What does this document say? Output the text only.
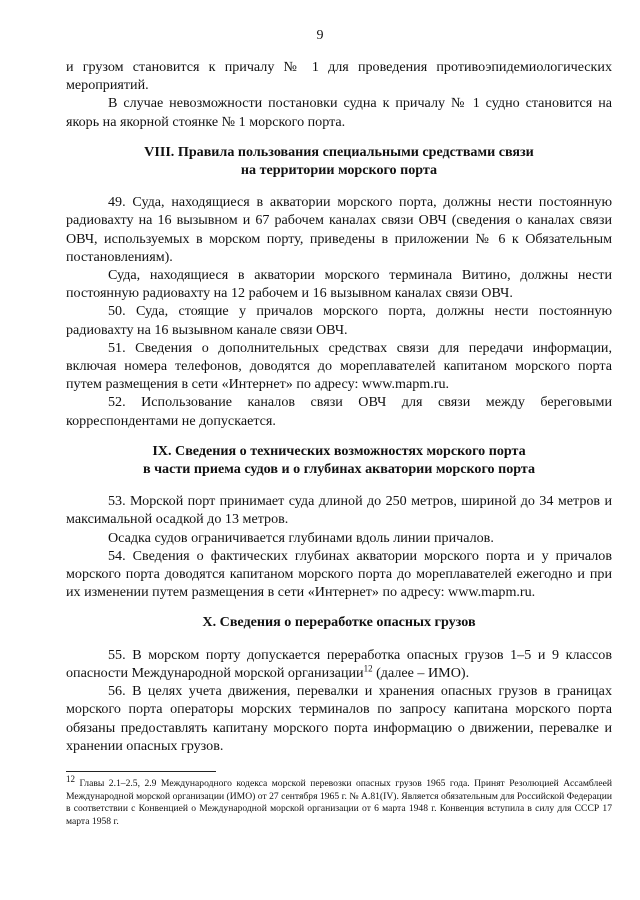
9

и грузом становится к причалу № 1 для проведения противоэпидемиологических мероприятий.

В случае невозможности постановки судна к причалу № 1 судно становится на якорь на якорной стоянке № 1 морского порта.

VIII. Правила пользования специальными средствами связи
на территории морского порта

49. Суда, находящиеся в акватории морского порта, должны нести постоянную радиовахту на 16 вызывном и 67 рабочем каналах связи ОВЧ (сведения о каналах связи ОВЧ, используемых в морском порту, приведены в приложении № 6 к Обязательным постановлениям).

Суда, находящиеся в акватории морского терминала Витино, должны нести постоянную радиовахту на 12 рабочем и 16 вызывном каналах связи ОВЧ.

50. Суда, стоящие у причалов морского порта, должны нести постоянную радиовахту на 16 вызывном канале связи ОВЧ.

51. Сведения о дополнительных средствах связи для передачи информации, включая номера телефонов, доводятся до мореплавателей капитаном морского порта путем размещения в сети «Интернет» по адресу: www.mapm.ru.

52. Использование каналов связи ОВЧ для связи между береговыми корреспондентами не допускается.

IX. Сведения о технических возможностях морского порта
в части приема судов и о глубинах акватории морского порта

53. Морской порт принимает суда длиной до 250 метров, шириной до 34 метров и максимальной осадкой до 13 метров.

Осадка судов ограничивается глубинами вдоль линии причалов.

54. Сведения о фактических глубинах акватории морского порта и у причалов морского порта доводятся капитаном морского порта до мореплавателей ежегодно и при их изменении путем размещения в сети «Интернет» по адресу: www.mapm.ru.

X. Сведения о переработке опасных грузов

55. В морском порту допускается переработка опасных грузов 1–5 и 9 классов опасности Международной морской организации$^{12}$ (далее – ИМО).

56. В целях учета движения, перевалки и хранения опасных грузов в границах морского порта операторы морских терминалов по запросу капитана морского порта обязаны предоставлять капитану морского порта информацию о движении, перевалке и хранении опасных грузов.

$^{12}$ Главы 2.1–2.5, 2.9 Международного кодекса морской перевозки опасных грузов 1965 года. Принят Резолюцией Ассамблеей Международной морской организации (ИМО) от 27 сентября 1965 г. № А.81(IV). Является обязательным для Российской Федерации в соответствии с Конвенцией о Международной морской организации от 6 марта 1948 г. Конвенция вступила в силу для СССР 17 марта 1958 г.
